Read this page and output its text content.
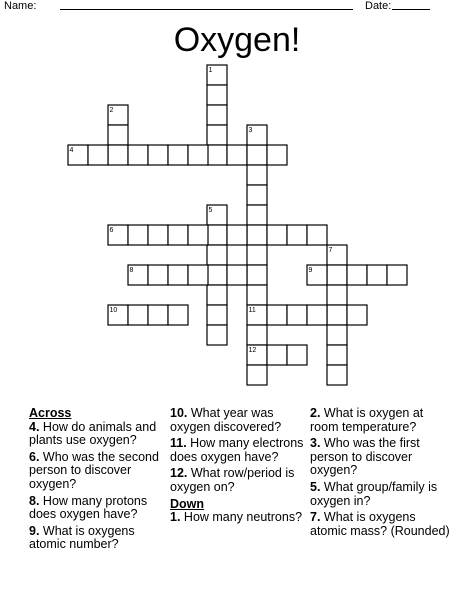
Name:	Date:
Oxygen!
1
2
3
4
5
6
7
8	9
10	11
12

Across

4. How do animals and plants use oxygen?

6. Who was the second person to discover oxygen?

8. How many protons does oxygen have?

9. What is oxygens atomic number?

10. What year was oxygen discovered?

11. How many electrons does oxygen have?

12. What row/period is oxygen on?

Down

1. How many neutrons?

2. What is oxygen at room temperature?

3. Who was the first person to discover oxygen?

5. What group/family is oxygen in?

7. What is oxygens atomic mass? (Rounded)
